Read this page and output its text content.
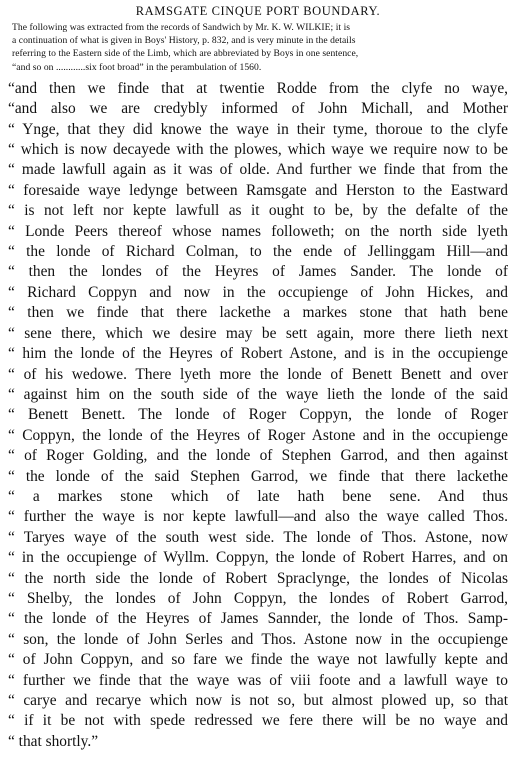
RAMSGATE CINQUE PORT BOUNDARY.
The following was extracted from the records of Sandwich by Mr. K. W. WILKIE; it is
a continuation of what is given in Boys' History, p. 832, and is very minute in the details
referring to the Eastern side of the Limb, which are abbreviated by Boys in one sentence,
“and so on ............six foot broad” in the perambulation of 1560.
“and then we finde that at twentie Rodde from the clyfe no waye,
“and also we are credybly informed of John Michall, and Mother
“ Ynge, that they did knowe the waye in their tyme, thoroue to the clyfe
“ which is now decayede with the plowes, which waye we require now to be
“ made lawfull again as it was of olde. And further we finde that from the
“ foresaide waye ledynge between Ramsgate and Herston to the Eastward
“ is not left nor kepte lawfull as it ought to be, by the defalte of the
“ Londe Peers thereof whose names followeth; on the north side lyeth
“ the londe of Richard Colman, to the ende of Jellinggam Hill—and
“ then the londes of the Heyres of James Sander. The londe of
“ Richard Coppyn and now in the occupienge of John Hickes, and
“ then we finde that there lackethe a markes stone that hath bene
“ sene there, which we desire may be sett again, more there lieth next
“ him the londe of the Heyres of Robert Astone, and is in the occupienge
“ of his wedowe. There lyeth more the londe of Benett Benett and over
“ against him on the south side of the waye lieth the londe of the said
“ Benett Benett. The londe of Roger Coppyn, the londe of Roger
“ Coppyn, the londe of the Heyres of Roger Astone and in the occupienge
“ of Roger Golding, and the londe of Stephen Garrod, and then against
“ the londe of the said Stephen Garrod, we finde that there lackethe
“ a markes stone which of late hath bene sene. And thus
“ further the waye is nor kepte lawfull—and also the waye called Thos.
“ Taryes waye of the south west side. The londe of Thos. Astone, now
“ in the occupienge of Wyllm. Coppyn, the londe of Robert Harres, and on
“ the north side the londe of Robert Spraclynge, the londes of Nicolas
“ Shelby, the londes of John Coppyn, the londes of Robert Garrod,
“ the londe of the Heyres of James Sannder, the londe of Thos. Samp-
“ son, the londe of John Serles and Thos. Astone now in the occupienge
“ of John Coppyn, and so fare we finde the waye not lawfully kepte and
“ further we finde that the waye was of viii foote and a lawfull waye to
“ carye and recarye which now is not so, but almost plowed up, so that
“ if it be not with spede redressed we fere there will be no waye and
“ that shortly.”
